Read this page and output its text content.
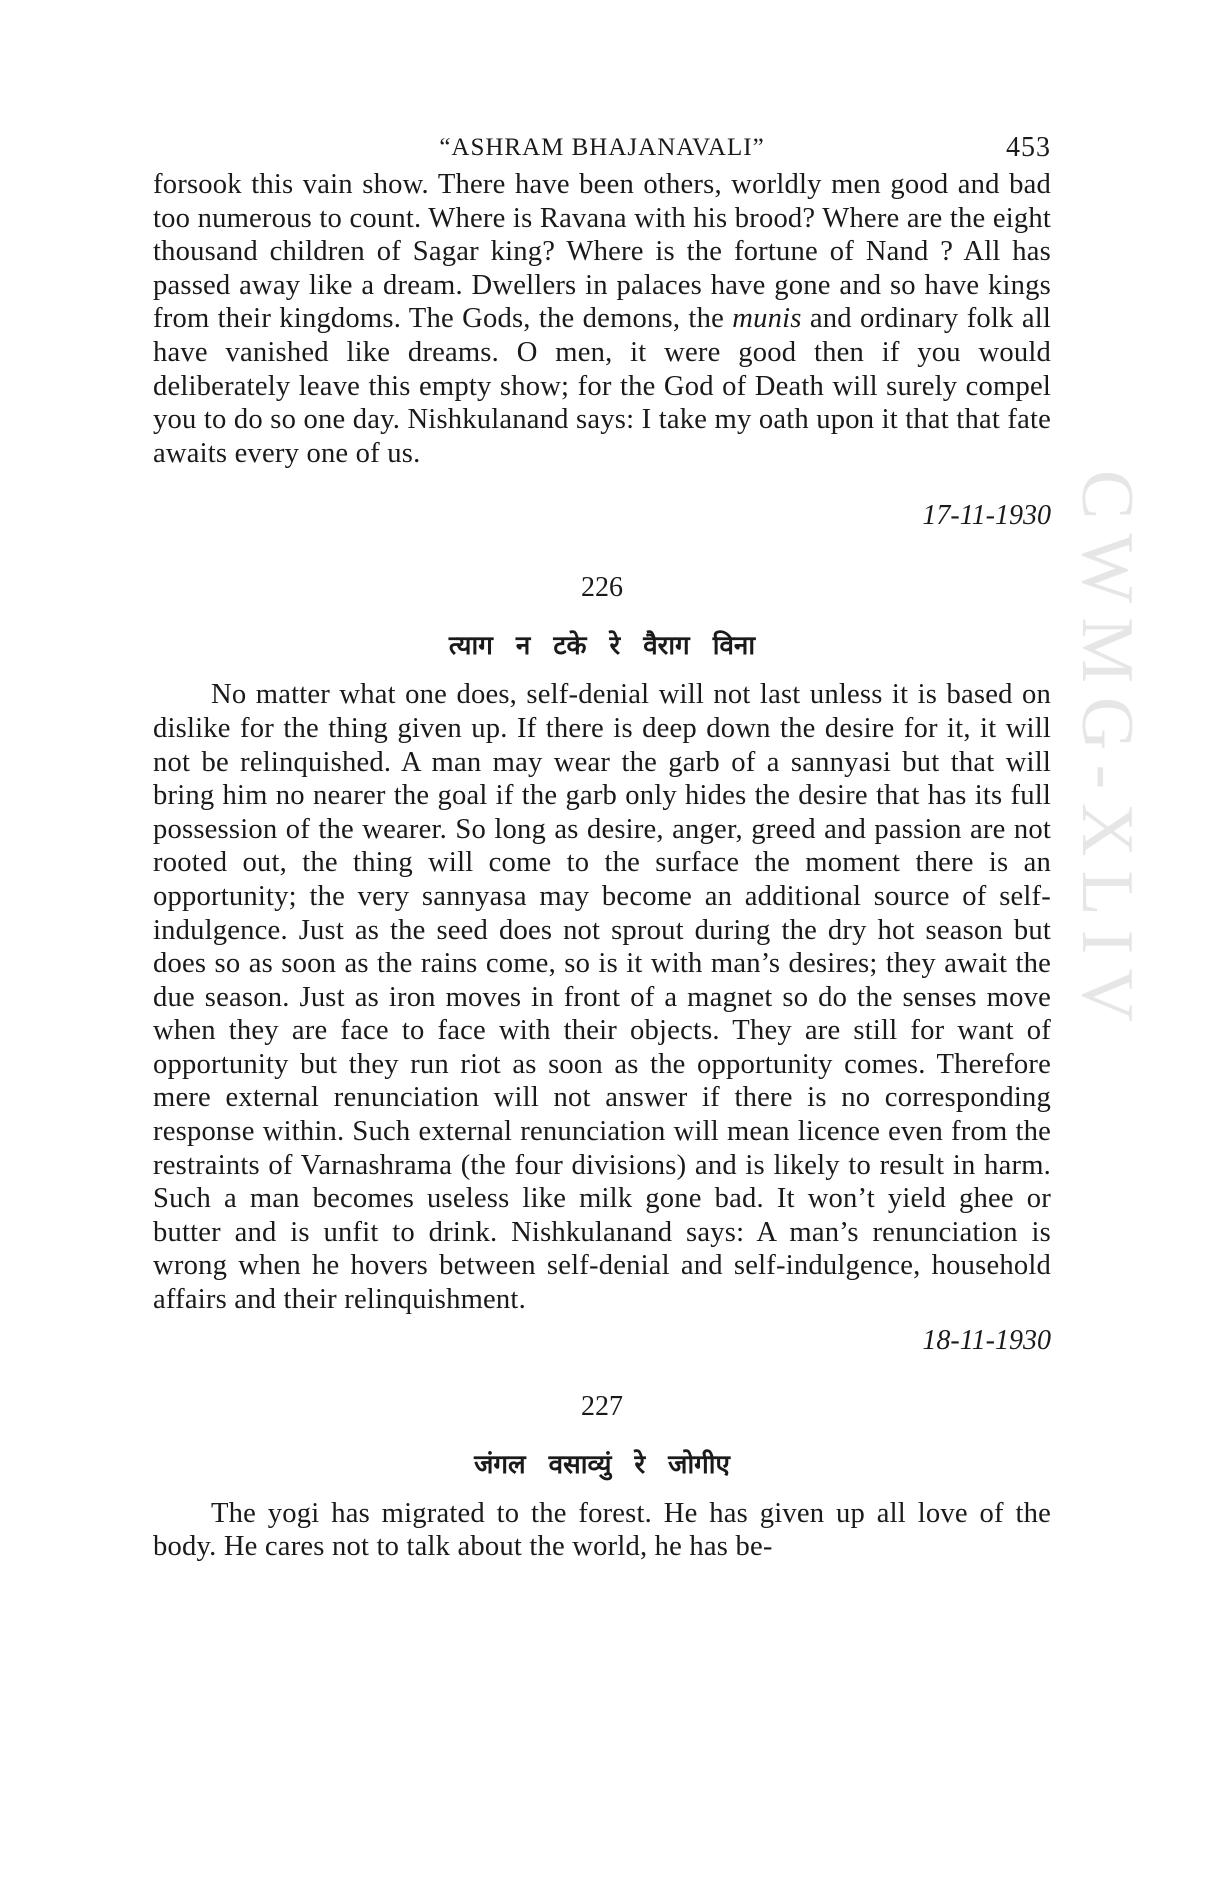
CWMG-XLIV
“ASHRAM BHAJANAVALI”	453

forsook this vain show. There have been others, worldly men good and bad too numerous to count. Where is Ravana with his brood? Where are the eight thousand children of Sagar king? Where is the fortune of Nand ? All has passed away like a dream. Dwellers in palaces have gone and so have kings from their kingdoms. The Gods, the demons, the munis and ordinary folk all have vanished like dreams. O men, it were good then if you would deliberately leave this empty show; for the God of Death will surely compel you to do so one day. Nishkulanand says: I take my oath upon it that that fate awaits every one of us.

17-11-1930

226

त्याग न टके रे वैराग विना

No matter what one does, self-denial will not last unless it is based on dislike for the thing given up. If there is deep down the desire for it, it will not be relinquished. A man may wear the garb of a sannyasi but that will bring him no nearer the goal if the garb only hides the desire that has its full possession of the wearer. So long as desire, anger, greed and passion are not rooted out, the thing will come to the surface the moment there is an opportunity; the very sannyasa may become an additional source of self-indulgence. Just as the seed does not sprout during the dry hot season but does so as soon as the rains come, so is it with man’s desires; they await the due season. Just as iron moves in front of a magnet so do the senses move when they are face to face with their objects. They are still for want of opportunity but they run riot as soon as the opportunity comes. Therefore mere external renunciation will not answer if there is no corresponding response within. Such external renunciation will mean licence even from the restraints of Varnashrama (the four divisions) and is likely to result in harm. Such a man becomes useless like milk gone bad. It won’t yield ghee or butter and is unfit to drink. Nishkulanand says: A man’s renunciation is wrong when he hovers between self-denial and self-indulgence, household affairs and their relinquishment.

18-11-1930

227

जंगल वसाव्युं रे जोगीए

The yogi has migrated to the forest. He has given up all love of the body. He cares not to talk about the world, he has be-
